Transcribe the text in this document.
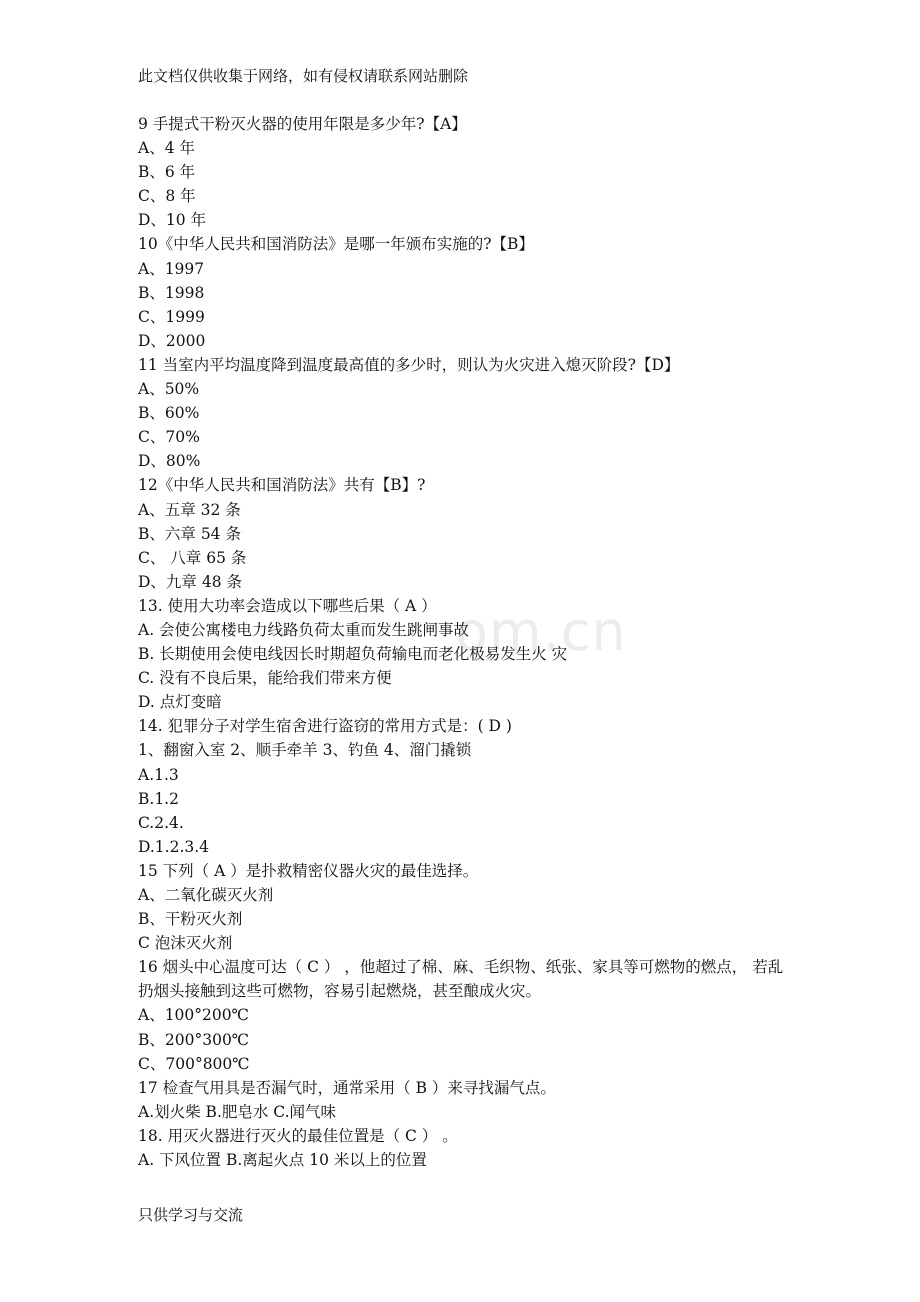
om.cn
此文档仅供收集于网络，如有侵权请联系网站删除
9 手提式干粉灭火器的使用年限是多少年?【A】
A、4 年
B、6 年
C、8 年
D、10 年
10《中华人民共和国消防法》是哪一年颁布实施的?【B】
A、1997
B、1998
C、1999
D、2000
11 当室内平均温度降到温度最高值的多少时，则认为火灾进入熄灭阶段?【D】
A、50%
B、60%
C、70%
D、80%
12《中华人民共和国消防法》共有【B】?
A、五章 32 条
B、六章 54 条
C、 八章 65 条
D、九章 48 条
13. 使用大功率会造成以下哪些后果（ A ）
A. 会使公寓楼电力线路负荷太重而发生跳闸事故
B. 长期使用会使电线因长时期超负荷输电而老化极易发生火 灾
C. 没有不良后果，能给我们带来方便
D. 点灯变暗
14. 犯罪分子对学生宿舍进行盗窃的常用方式是：( D )
1、翻窗入室 2、顺手牵羊 3、钓鱼 4、溜门撬锁
A.1.3
B.1.2
C.2.4.
D.1.2.3.4
15 下列（ A ）是扑救精密仪器火灾的最佳选择。
A、二氧化碳灭火剂
B、干粉灭火剂
C 泡沫灭火剂
16 烟头中心温度可达（ C ） ，他超过了棉、麻、毛织物、纸张、家具等可燃物的燃点， 若乱扔烟头接触到这些可燃物，容易引起燃烧，甚至酿成火灾。
A、100°200℃
B、200°300℃
C、700°800℃
17 检查气用具是否漏气时，通常采用（ B ）来寻找漏气点。
A.划火柴 B.肥皂水 C.闻气味
18. 用灭火器进行灭火的最佳位置是（ C ） 。
A. 下风位置 B.离起火点 10 米以上的位置
只供学习与交流
